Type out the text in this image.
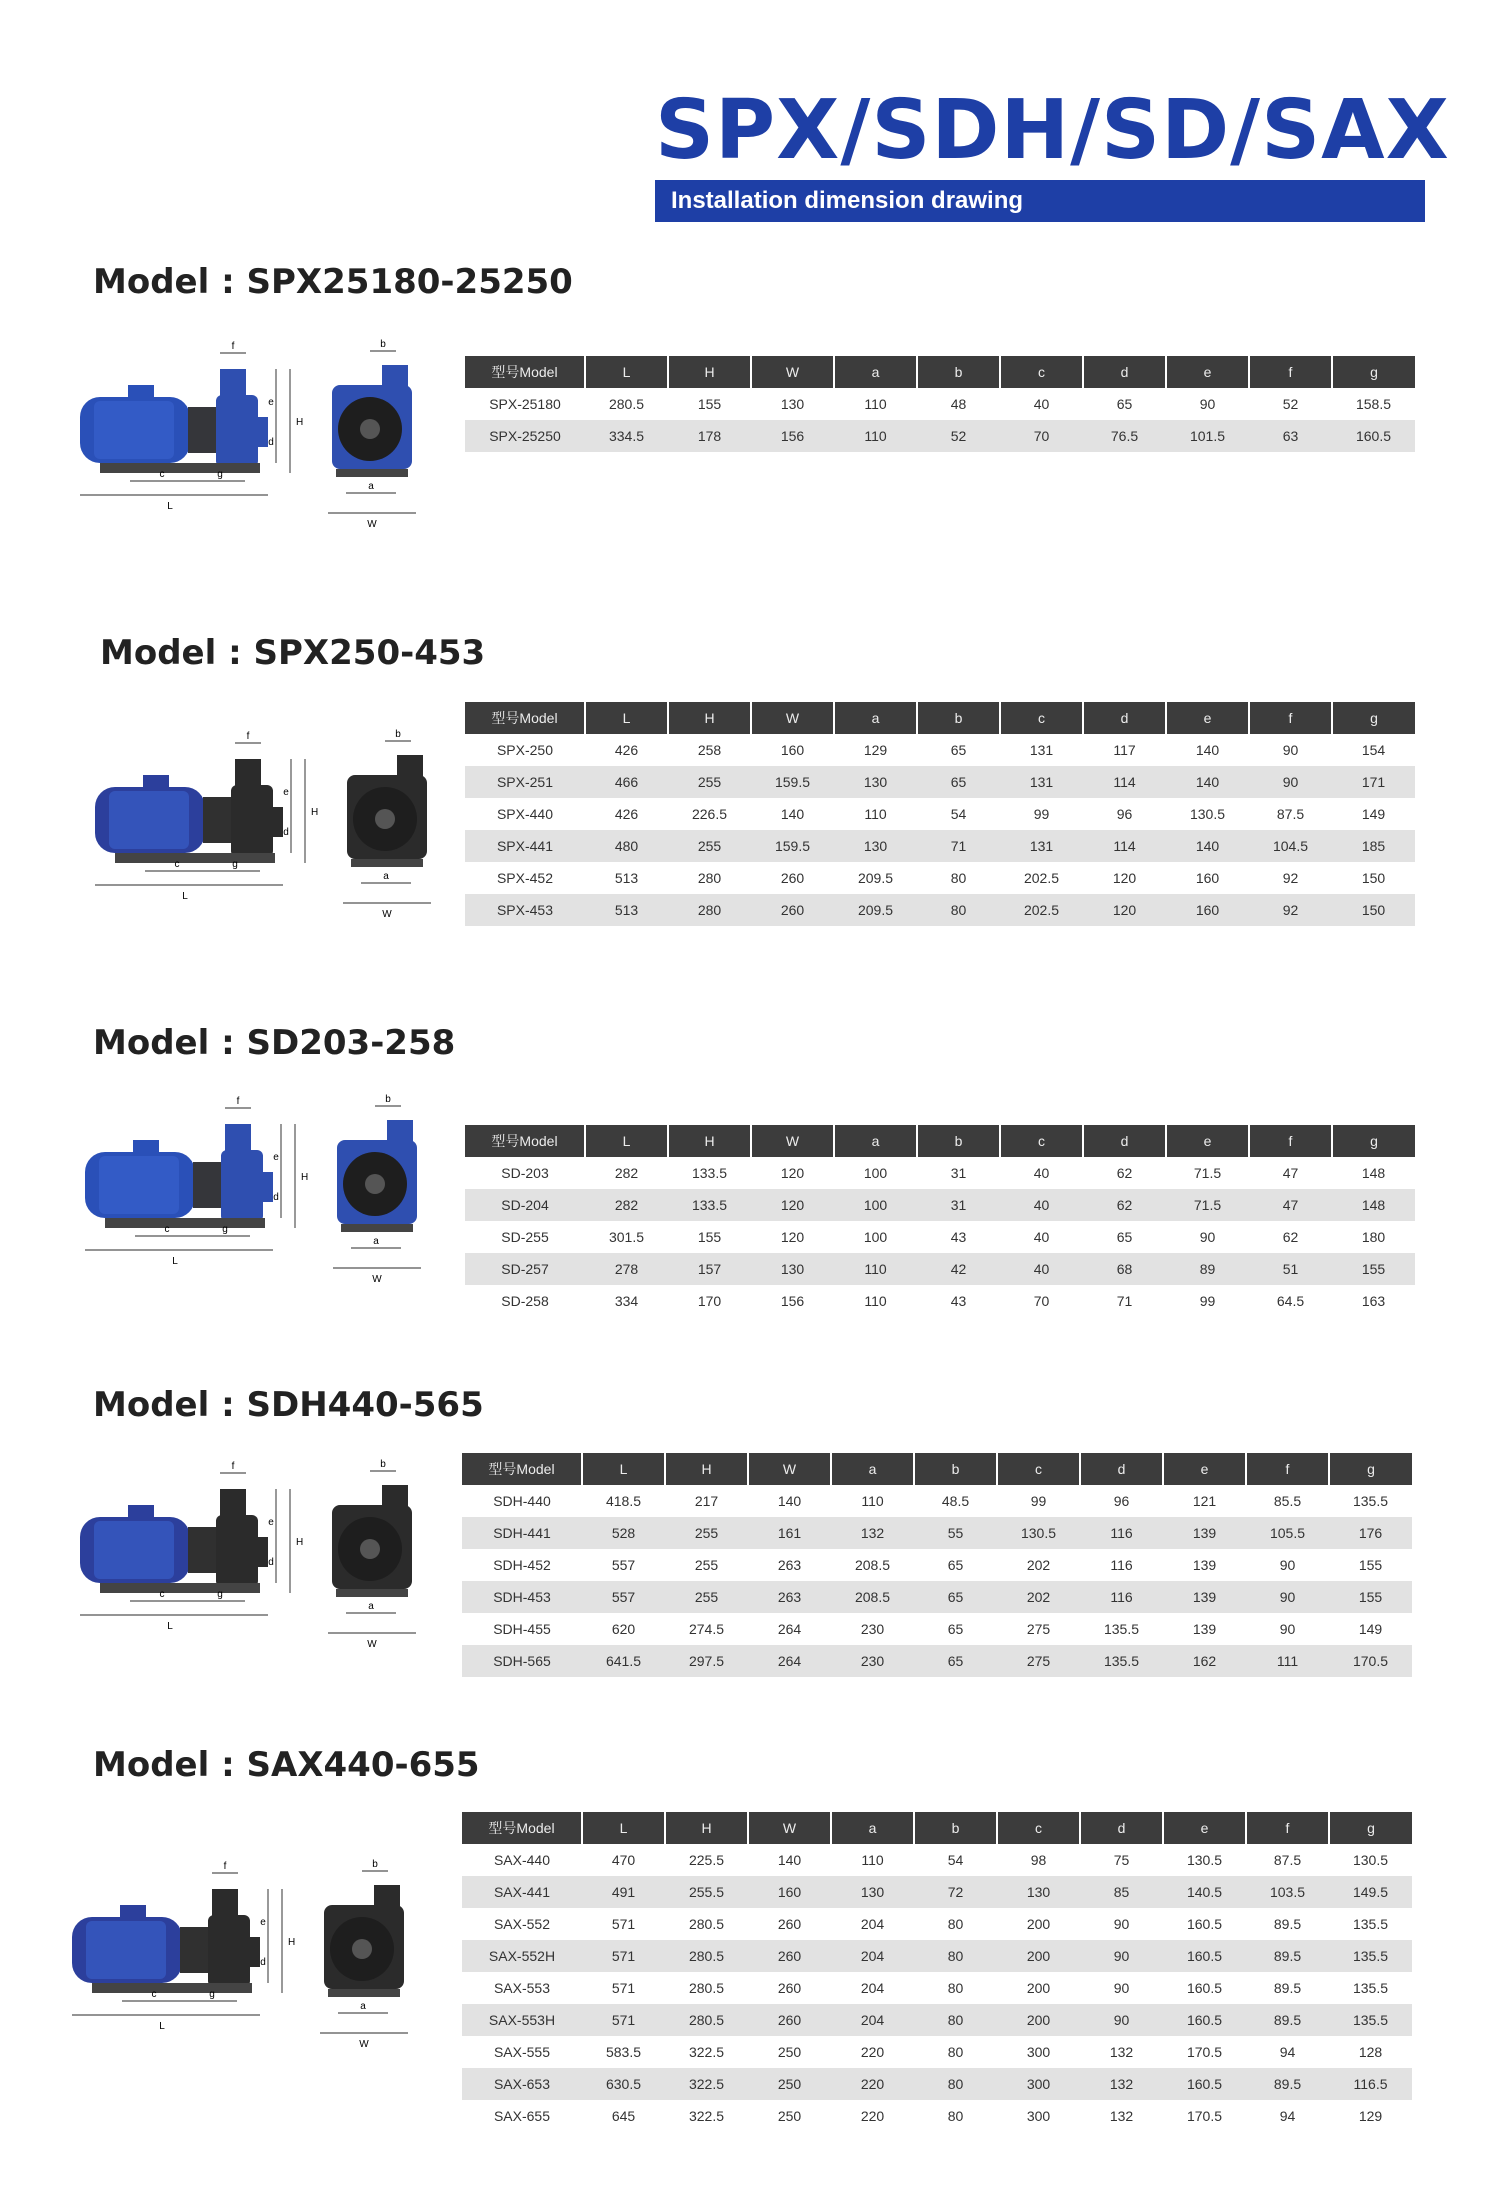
SPX/SDH/SD/SAX
Installation dimension drawing
Model : SPX25180-25250
L
c	g
f
e
d
H
b
a
W
型号Model	L	H	W	a	b	c	d	e	f	g
SPX-25180	280.5	155	130	110	48	40	65	90	52	158.5
SPX-25250	334.5	178	156	110	52	70	76.5	101.5	63	160.5
Model : SPX250-453
L
c	g
f
e
d
H
b
a
W
型号Model	L	H	W	a	b	c	d	e	f	g
SPX-250	426	258	160	129	65	131	117	140	90	154
SPX-251	466	255	159.5	130	65	131	114	140	90	171
SPX-440	426	226.5	140	110	54	99	96	130.5	87.5	149
SPX-441	480	255	159.5	130	71	131	114	140	104.5	185
SPX-452	513	280	260	209.5	80	202.5	120	160	92	150
SPX-453	513	280	260	209.5	80	202.5	120	160	92	150
Model : SD203-258
L
c	g
f
e
d
H
b
a
W
型号Model	L	H	W	a	b	c	d	e	f	g
SD-203	282	133.5	120	100	31	40	62	71.5	47	148
SD-204	282	133.5	120	100	31	40	62	71.5	47	148
SD-255	301.5	155	120	100	43	40	65	90	62	180
SD-257	278	157	130	110	42	40	68	89	51	155
SD-258	334	170	156	110	43	70	71	99	64.5	163
Model : SDH440-565
L
c	g
f
e
d
H
b
a
W
型号Model	L	H	W	a	b	c	d	e	f	g
SDH-440	418.5	217	140	110	48.5	99	96	121	85.5	135.5
SDH-441	528	255	161	132	55	130.5	116	139	105.5	176
SDH-452	557	255	263	208.5	65	202	116	139	90	155
SDH-453	557	255	263	208.5	65	202	116	139	90	155
SDH-455	620	274.5	264	230	65	275	135.5	139	90	149
SDH-565	641.5	297.5	264	230	65	275	135.5	162	111	170.5
Model : SAX440-655
L
c	g
f
e
d
H
b
a
W
型号Model	L	H	W	a	b	c	d	e	f	g
SAX-440	470	225.5	140	110	54	98	75	130.5	87.5	130.5
SAX-441	491	255.5	160	130	72	130	85	140.5	103.5	149.5
SAX-552	571	280.5	260	204	80	200	90	160.5	89.5	135.5
SAX-552H	571	280.5	260	204	80	200	90	160.5	89.5	135.5
SAX-553	571	280.5	260	204	80	200	90	160.5	89.5	135.5
SAX-553H	571	280.5	260	204	80	200	90	160.5	89.5	135.5
SAX-555	583.5	322.5	250	220	80	300	132	170.5	94	128
SAX-653	630.5	322.5	250	220	80	300	132	160.5	89.5	116.5
SAX-655	645	322.5	250	220	80	300	132	170.5	94	129
